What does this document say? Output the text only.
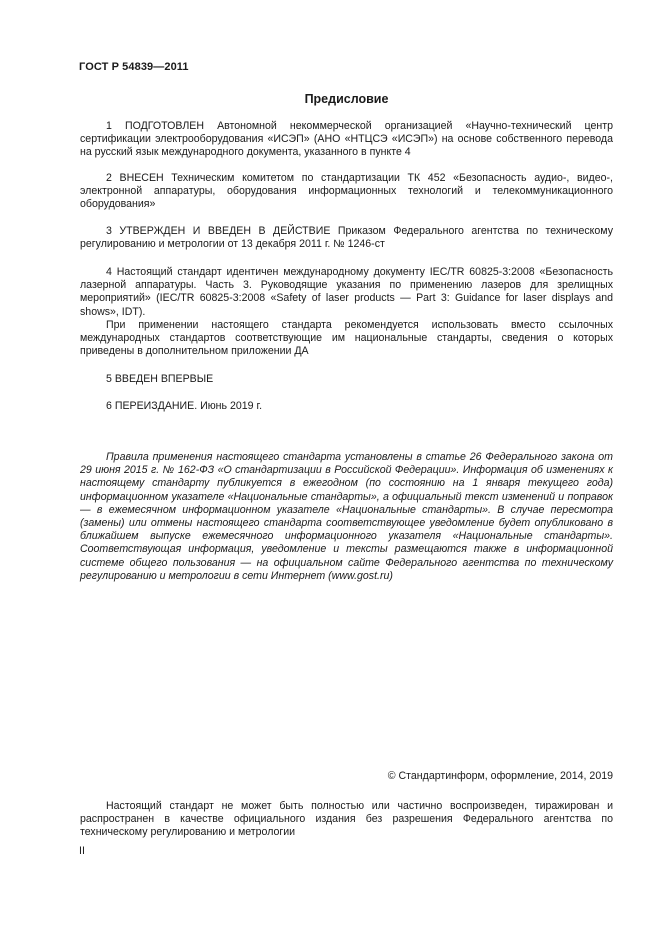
ГОСТ Р 54839—2011
Предисловие

1 ПОДГОТОВЛЕН Автономной некоммерческой организацией «Научно-технический центр сертификации электрооборудования «ИСЭП» (АНО «НТЦСЭ «ИСЭП») на основе собственного перевода на русский язык международного документа, указанного в пункте 4

2 ВНЕСЕН Техническим комитетом по стандартизации ТК 452 «Безопасность аудио-, видео-, электронной аппаратуры, оборудования информационных технологий и телекоммуникационного оборудования»

3 УТВЕРЖДЕН И ВВЕДЕН В ДЕЙСТВИЕ Приказом Федерального агентства по техническому регулированию и метрологии от 13 декабря 2011 г. № 1246-ст

4 Настоящий стандарт идентичен международному документу IEC/TR 60825-3:2008 «Безопасность лазерной аппаратуры. Часть 3. Руководящие указания по применению лазеров для зрелищных мероприятий» (IEC/TR 60825-3:2008 «Safety of laser products — Part 3: Guidance for laser displays and shows», IDT).

При применении настоящего стандарта рекомендуется использовать вместо ссылочных международных стандартов соответствующие им национальные стандарты, сведения о которых приведены в дополнительном приложении ДА

5 ВВЕДЕН ВПЕРВЫЕ

6 ПЕРЕИЗДАНИЕ. Июнь 2019 г.

Правила применения настоящего стандарта установлены в статье 26 Федерального закона от 29 июня 2015 г. № 162-ФЗ «О стандартизации в Российской Федерации». Информация об изменениях к настоящему стандарту публикуется в ежегодном (по состоянию на 1 января текущего года) информационном указателе «Национальные стандарты», а официальный текст изменений и поправок — в ежемесячном информационном указателе «Национальные стандарты». В случае пересмотра (замены) или отмены настоящего стандарта соответствующее уведомление будет опубликовано в ближайшем выпуске ежемесячного информационного указателя «Национальные стандарты». Соответствующая информация, уведомление и тексты размещаются также в информационной системе общего пользования — на официальном сайте Федерального агентства по техническому регулированию и метрологии в сети Интернет (www.gost.ru)

© Стандартинформ, оформление, 2014, 2019

Настоящий стандарт не может быть полностью или частично воспроизведен, тиражирован и распространен в качестве официального издания без разрешения Федерального агентства по техническому регулированию и метрологии

II
